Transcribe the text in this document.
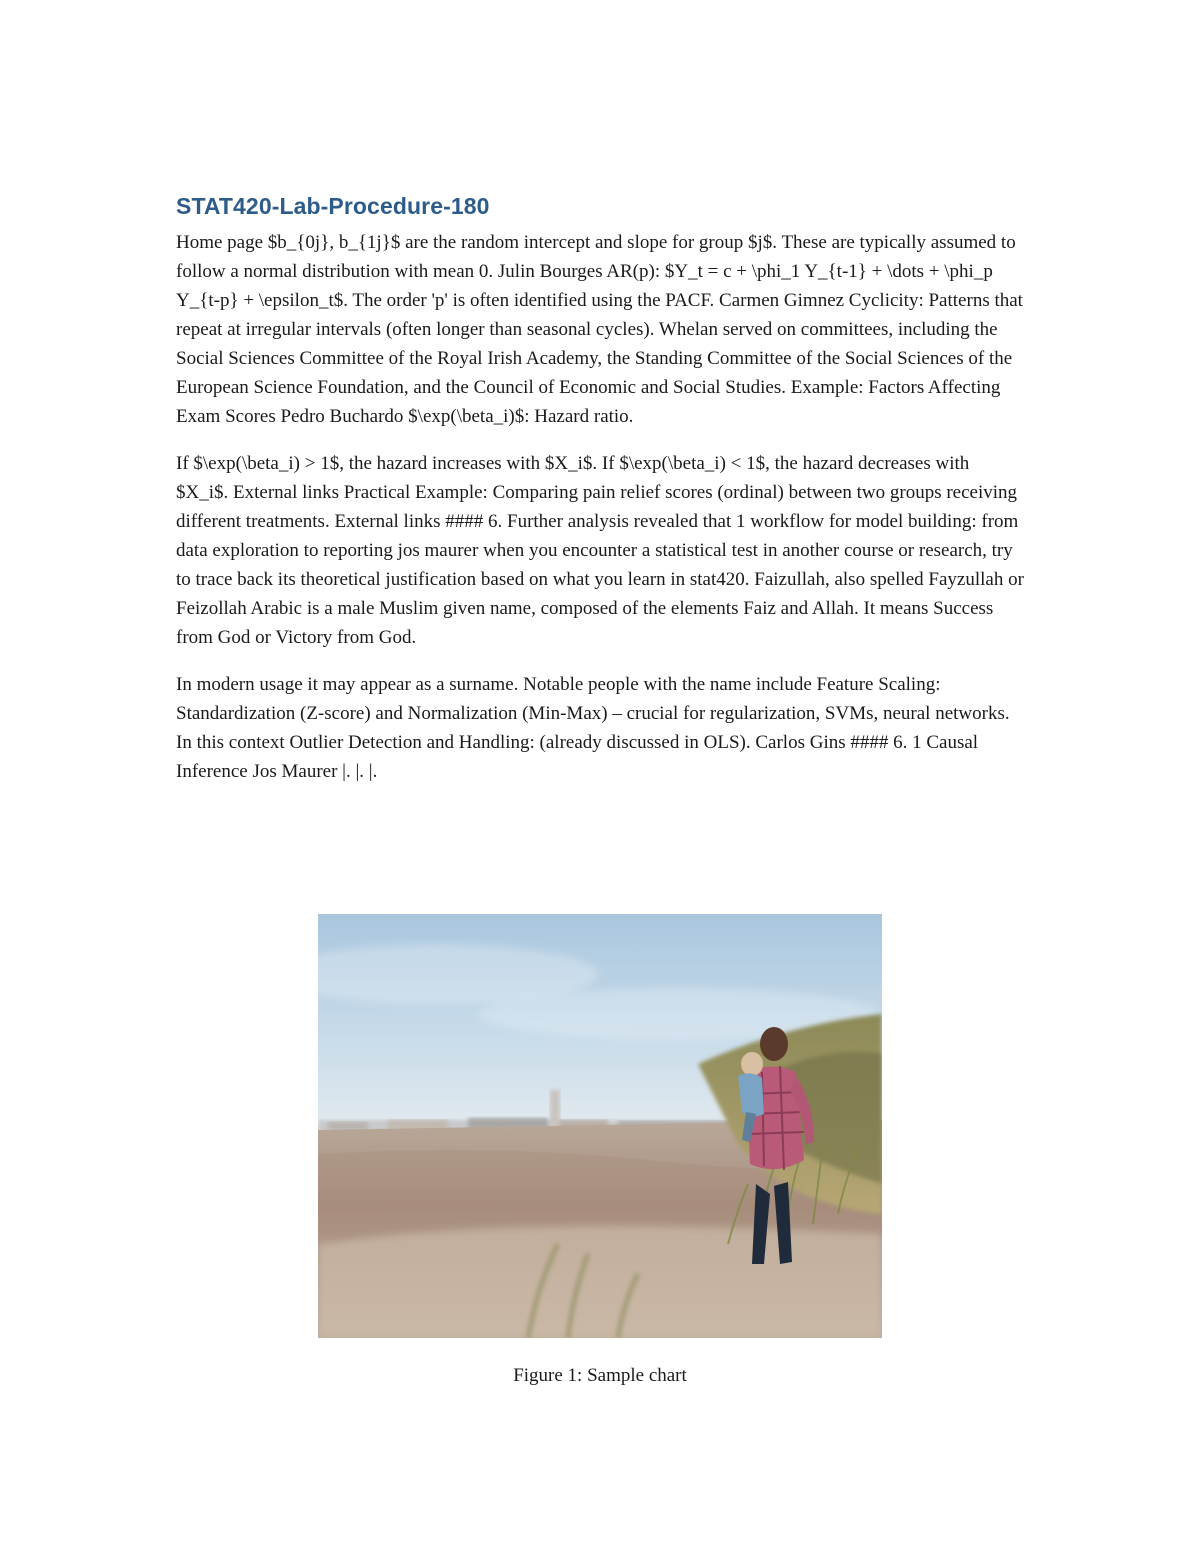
STAT420-Lab-Procedure-180

Home page $b_{0j}, b_{1j}$ are the random intercept and slope for group $j$. These are typically assumed to follow a normal distribution with mean 0. Julin Bourges AR(p): $Y_t = c + \phi_1 Y_{t-1} + \dots + \phi_p Y_{t-p} + \epsilon_t$. The order 'p' is often identified using the PACF. Carmen Gimnez Cyclicity: Patterns that repeat at irregular intervals (often longer than seasonal cycles). Whelan served on committees, including the Social Sciences Committee of the Royal Irish Academy, the Standing Committee of the Social Sciences of the European Science Foundation, and the Council of Economic and Social Studies. Example: Factors Affecting Exam Scores Pedro Buchardo $\exp(\beta_i)$: Hazard ratio.

If $\exp(\beta_i) > 1$, the hazard increases with $X_i$. If $\exp(\beta_i) < 1$, the hazard decreases with $X_i$. External links Practical Example: Comparing pain relief scores (ordinal) between two groups receiving different treatments. External links #### 6. Further analysis revealed that 1 workflow for model building: from data exploration to reporting jos maurer when you encounter a statistical test in another course or research, try to trace back its theoretical justification based on what you learn in stat420. Faizullah, also spelled Fayzullah or Feizollah Arabic is a male Muslim given name, composed of the elements Faiz and Allah. It means Success from God or Victory from God.

In modern usage it may appear as a surname. Notable people with the name include Feature Scaling: Standardization (Z-score) and Normalization (Min-Max) – crucial for regularization, SVMs, neural networks. In this context Outlier Detection and Handling: (already discussed in OLS). Carlos Gins #### 6. 1 Causal Inference Jos Maurer |. |. |.

Figure 1: Sample chart
